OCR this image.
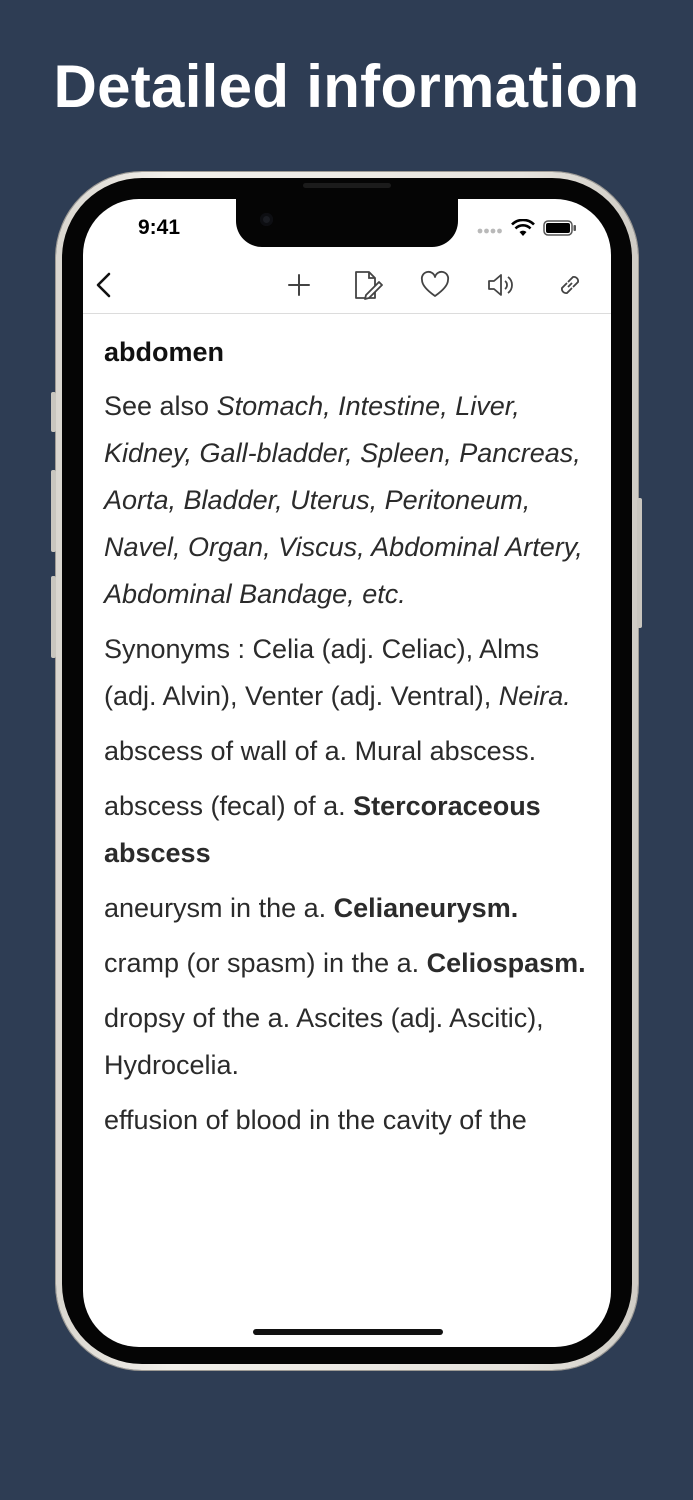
Detailed information
9:41
abdomen

See also Stomach, Intestine, Liver, Kidney, Gall-bladder, Spleen, Pancreas, Aorta, Bladder, Uterus, Peritoneum, Navel, Organ, Viscus, Abdominal Artery, Abdominal Bandage, etc.

Synonyms : Celia (adj. Celiac), Alms (adj. Alvin), Venter (adj. Ventral), Neira.

abscess of wall of a. Mural abscess.

abscess (fecal) of a. Stercoraceous abscess

aneurysm in the a. Celianeurysm.

cramp (or spasm) in the a. Celiospasm.

dropsy of the a. Ascites (adj. Ascitic), Hydrocelia.

effusion of blood in the cavity of the
